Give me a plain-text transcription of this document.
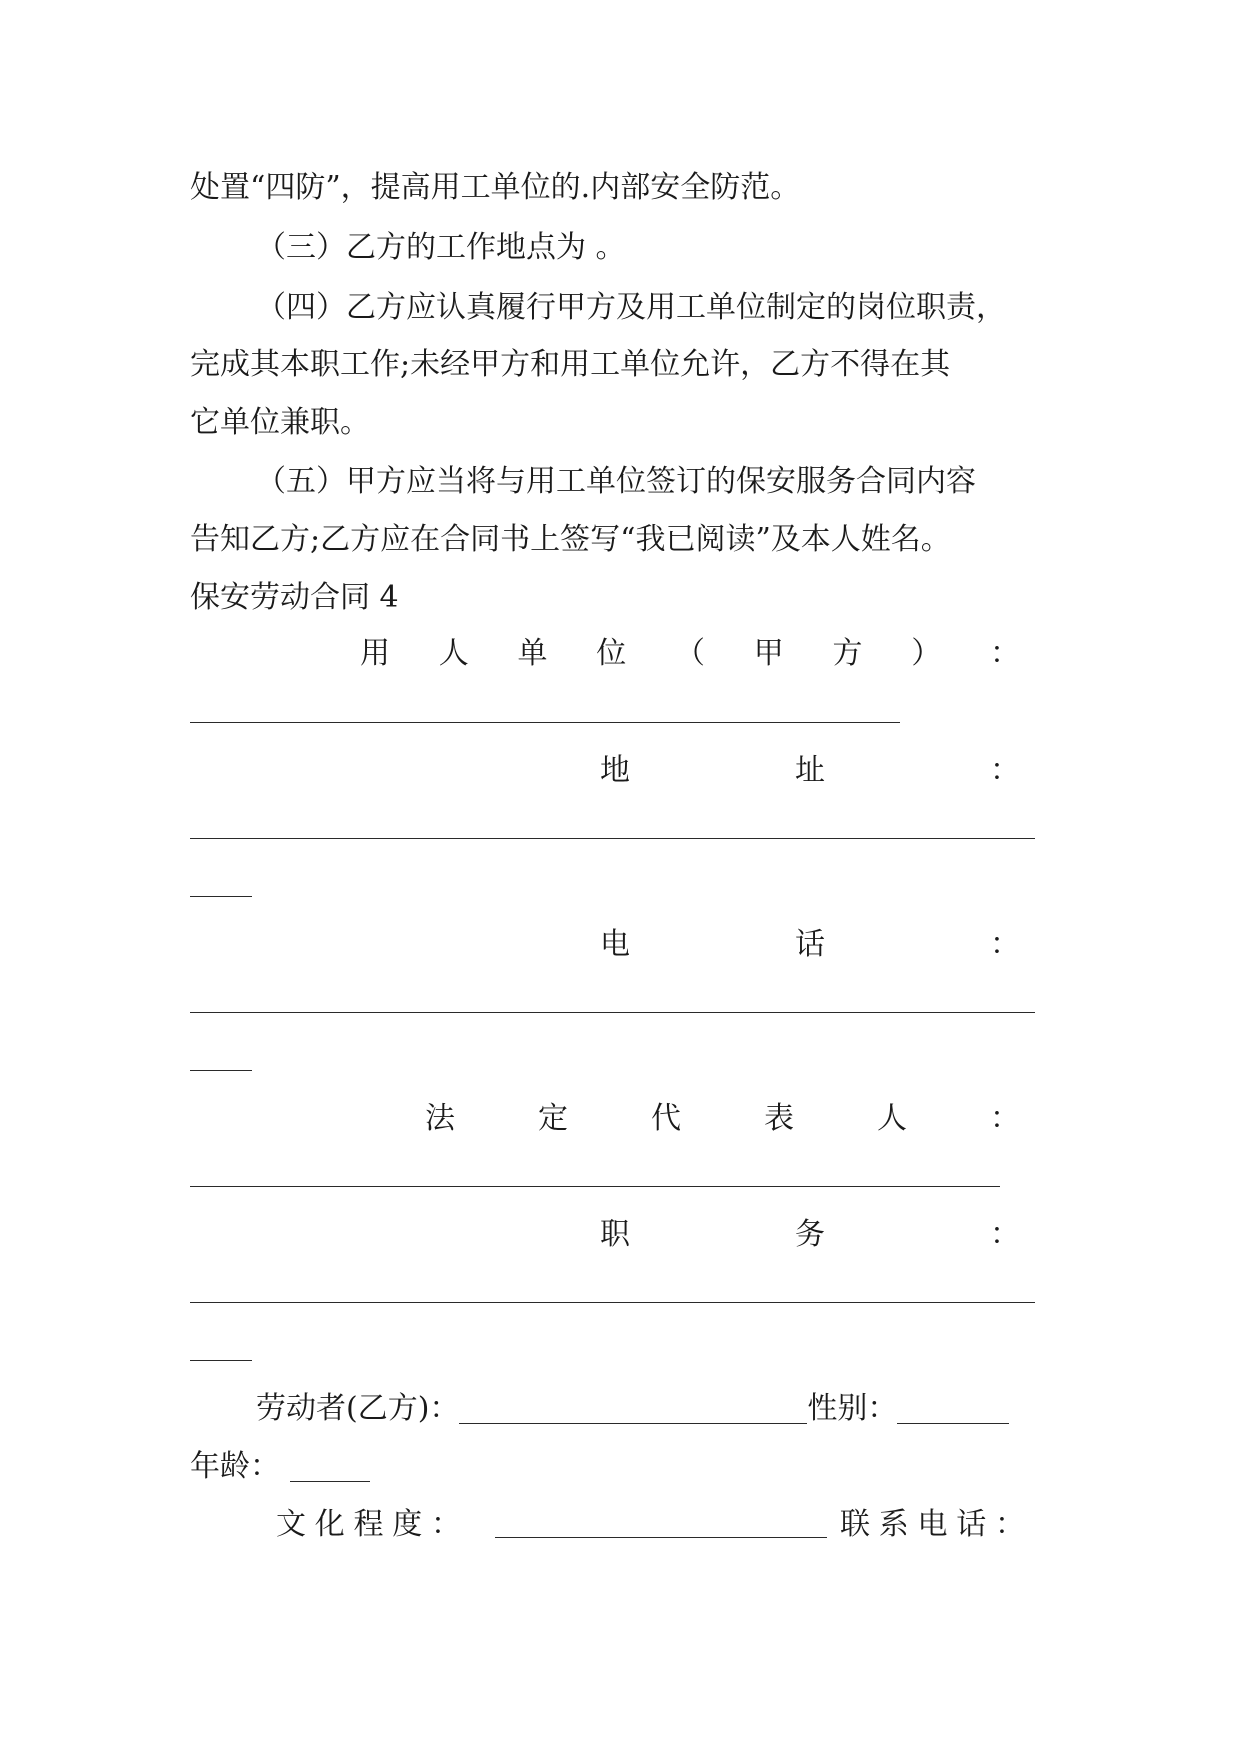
处置“四防”，提高用工单位的.内部安全防范。
（三）乙方的工作地点为 。
（四）乙方应认真履行甲方及用工单位制定的岗位职责，
完成其本职工作;未经甲方和用工单位允许，乙方不得在其
它单位兼职。
（五）甲方应当将与用工单位签订的保安服务合同内容
告知乙方;乙方应在合同书上签写“我已阅读”及本人姓名。
保安劳动合同 4
用 人 单 位 （ 甲 方 ） ：
地	址	：
电	话	：
法	定	代	表	人	：
职	务	：
劳动者(乙方)：	性别：
年龄：
文 化 程 度 ：	联 系 电 话 ：
